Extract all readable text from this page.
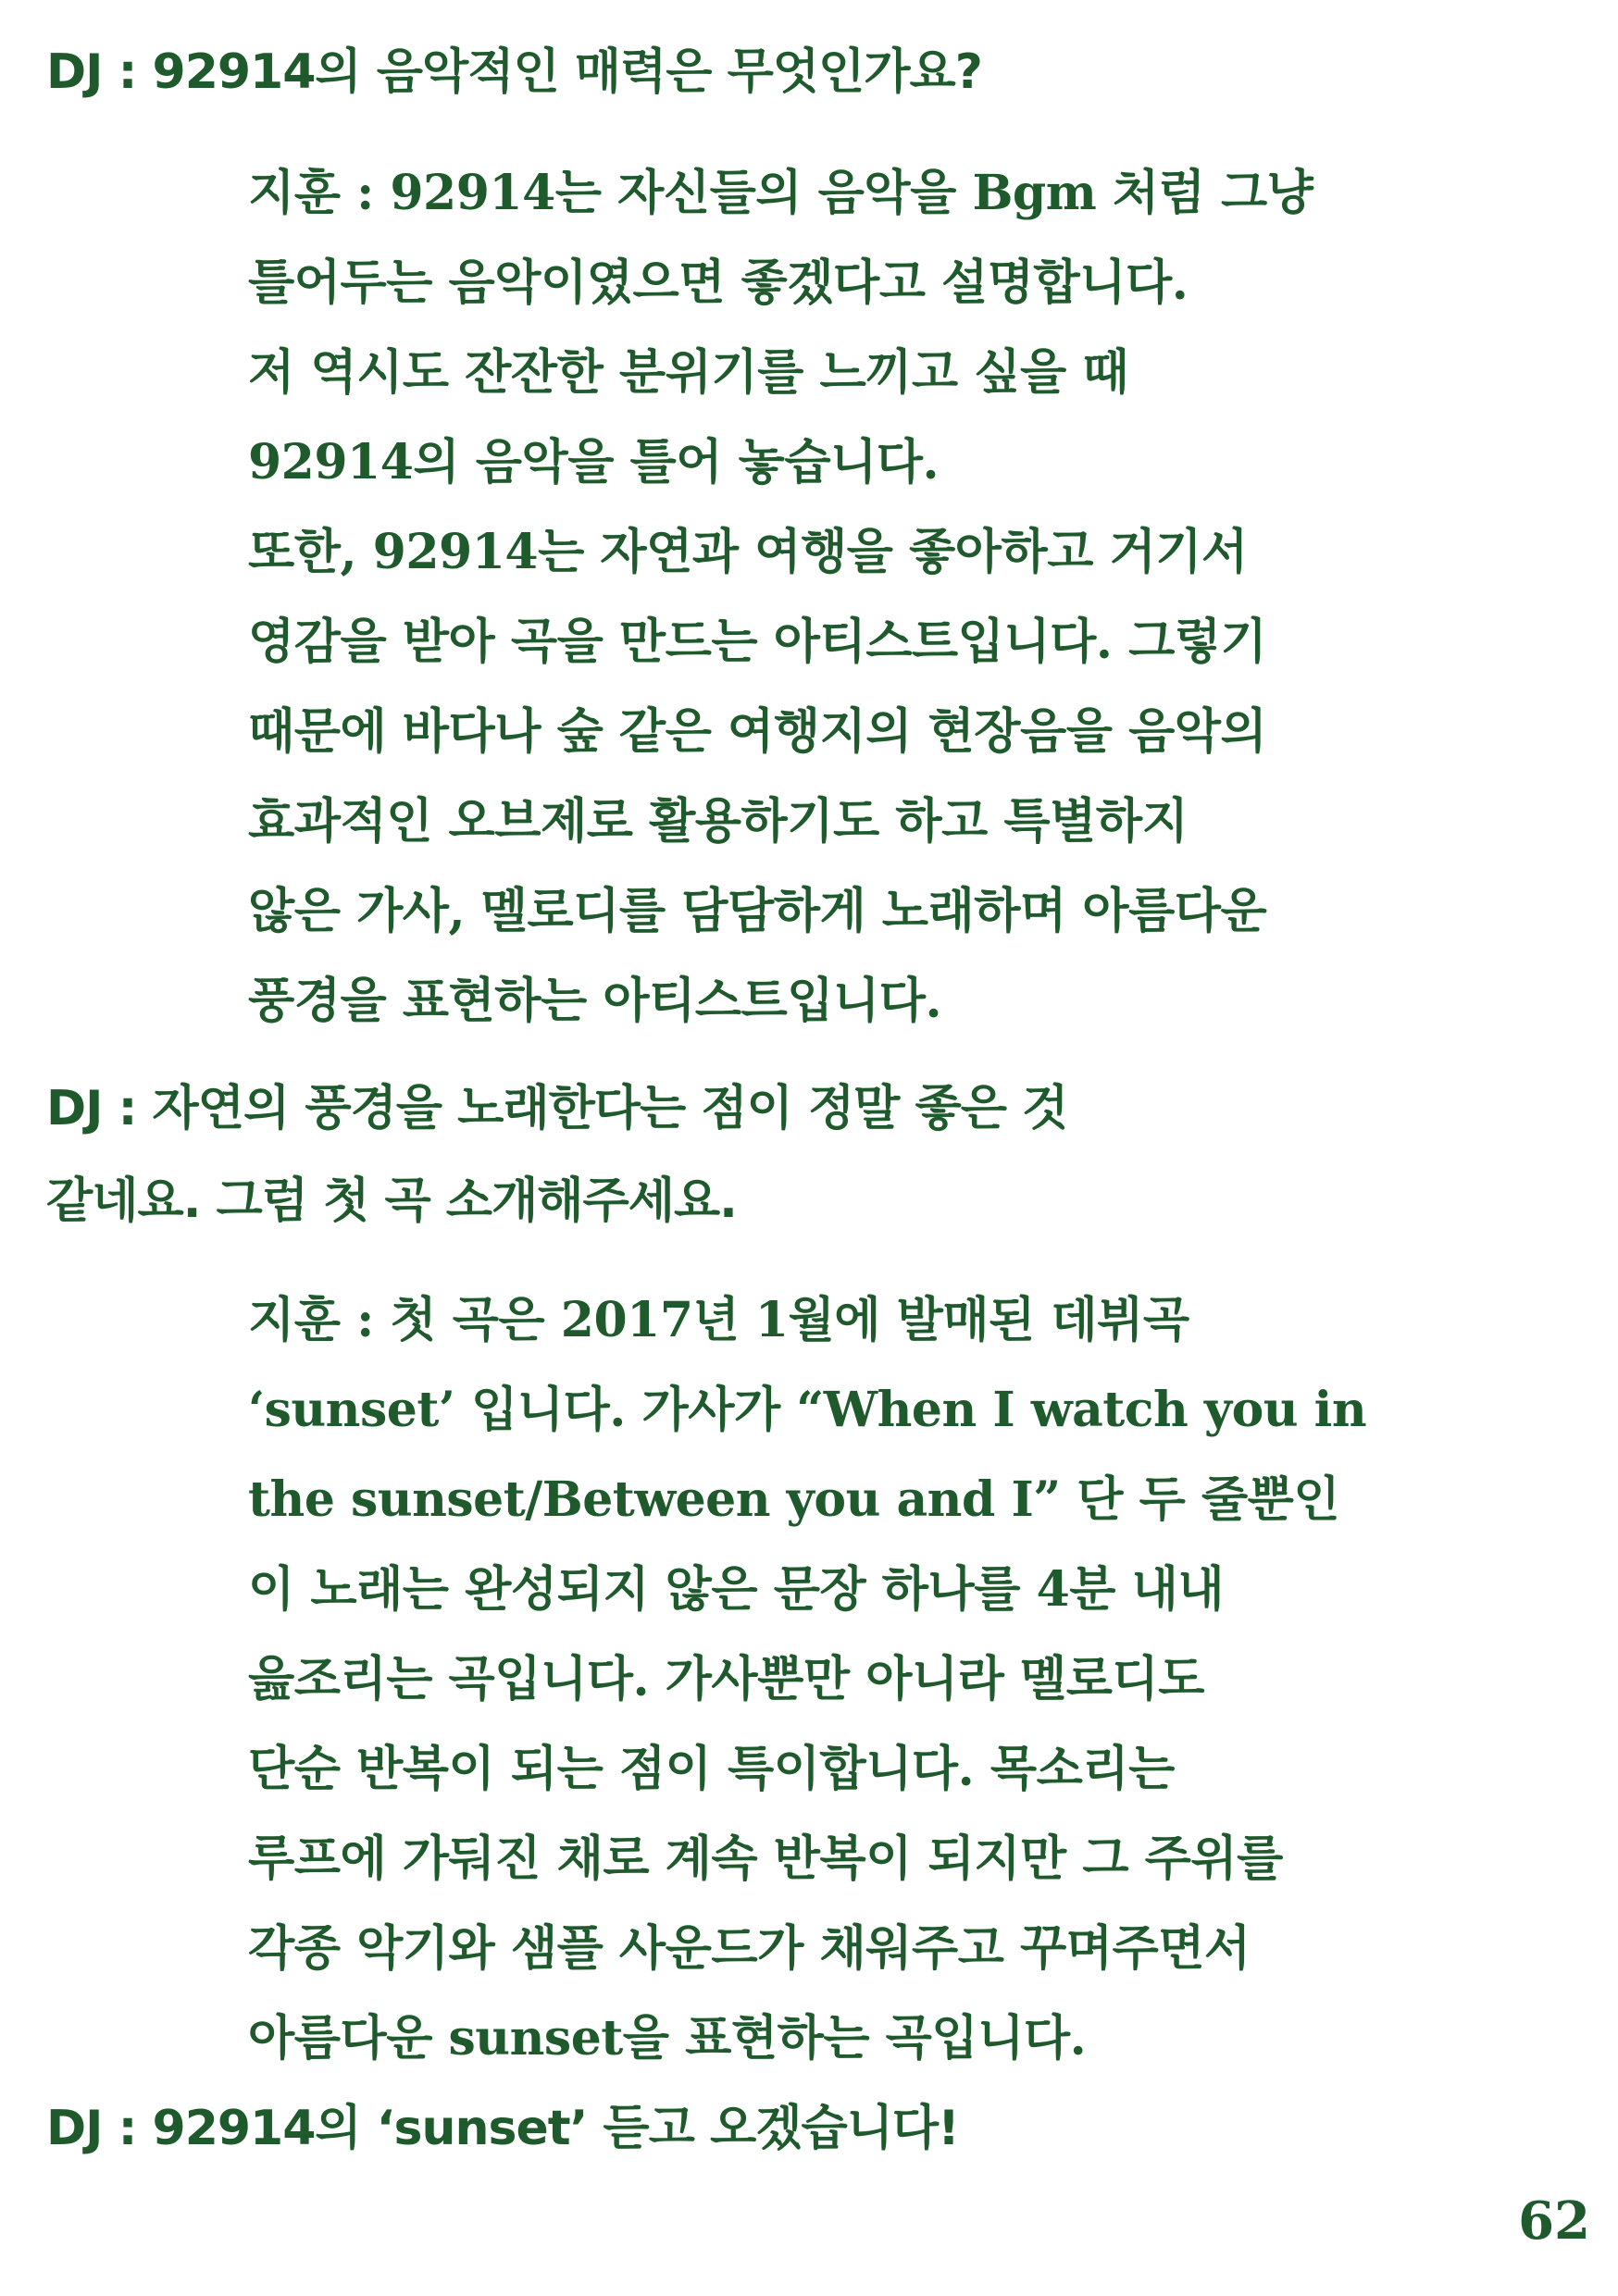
DJ : 92914의 음악적인 매력은 무엇인가요?
지훈 : 92914는 자신들의 음악을 Bgm 처럼 그냥
틀어두는 음악이였으면 좋겠다고 설명합니다.
저 역시도 잔잔한 분위기를 느끼고 싶을 때
92914의 음악을 틀어 놓습니다.
또한, 92914는 자연과 여행을 좋아하고 거기서
영감을 받아 곡을 만드는 아티스트입니다. 그렇기
때문에 바다나 숲 같은 여행지의 현장음을 음악의
효과적인 오브제로 활용하기도 하고 특별하지
않은 가사, 멜로디를 담담하게 노래하며 아름다운
풍경을 표현하는 아티스트입니다.
DJ : 자연의 풍경을 노래한다는 점이 정말 좋은 것
같네요. 그럼 첫 곡 소개해주세요.
지훈 : 첫 곡은 2017년 1월에 발매된 데뷔곡
‘sunset’ 입니다. 가사가 “When I watch you in
the sunset/Between you and I” 단 두 줄뿐인
이 노래는 완성되지 않은 문장 하나를 4분 내내
읊조리는 곡입니다. 가사뿐만 아니라 멜로디도
단순 반복이 되는 점이 특이합니다. 목소리는
루프에 가둬진 채로 계속 반복이 되지만 그 주위를
각종 악기와 샘플 사운드가 채워주고 꾸며주면서
아름다운 sunset을 표현하는 곡입니다.
DJ : 92914의 ‘sunset’ 듣고 오겠습니다!
62
